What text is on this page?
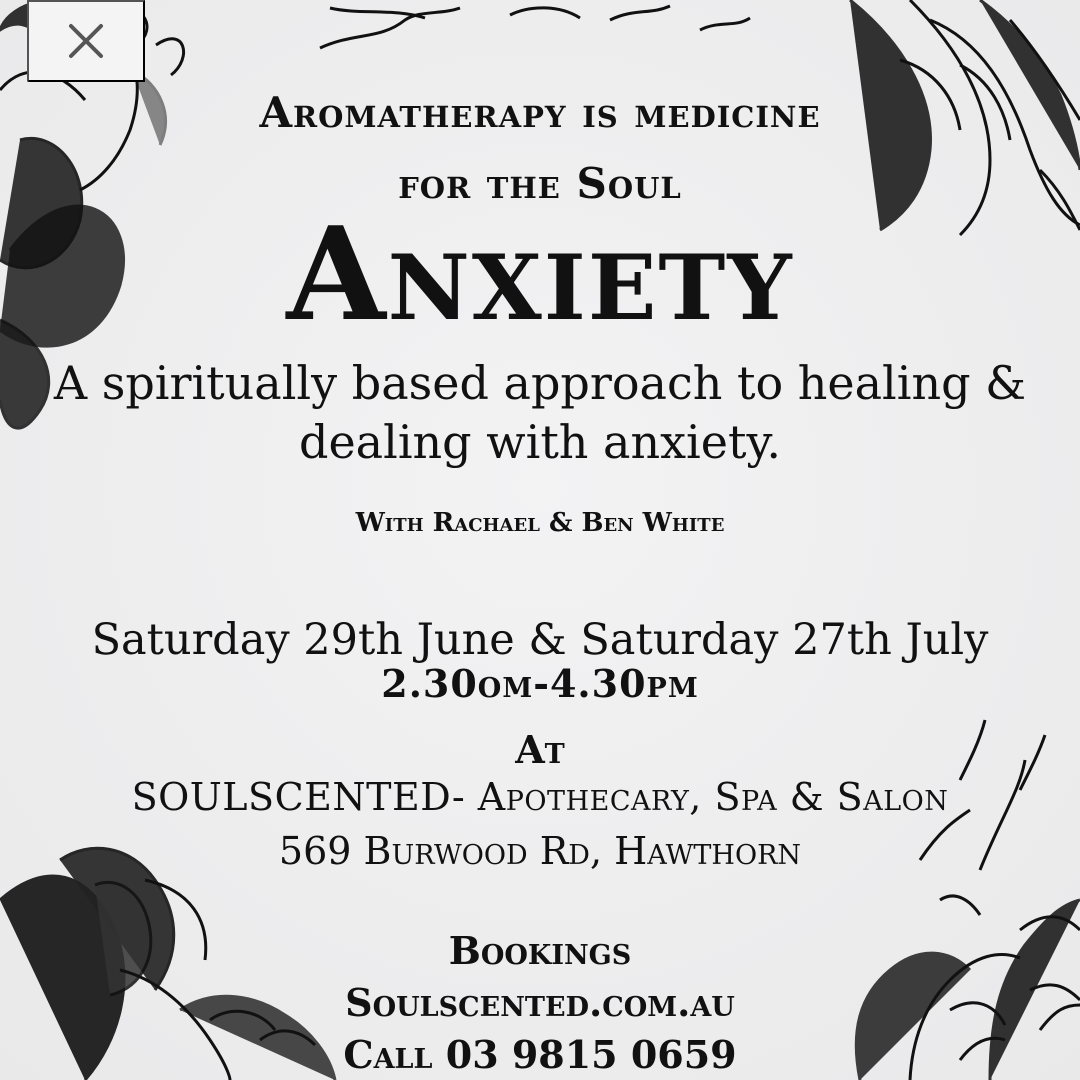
Aromatherapy is medicine
for the Soul
Anxiety
A spiritually based approach to healing &
dealing with anxiety.
With Rachael & Ben White
Saturday 29th June & Saturday 27th July
2.30om-4.30pm
At
SOULSCENTED- Apothecary, Spa & Salon
569 Burwood Rd, Hawthorn
Bookings
Soulscented.com.au
Call 03 9815 0659
